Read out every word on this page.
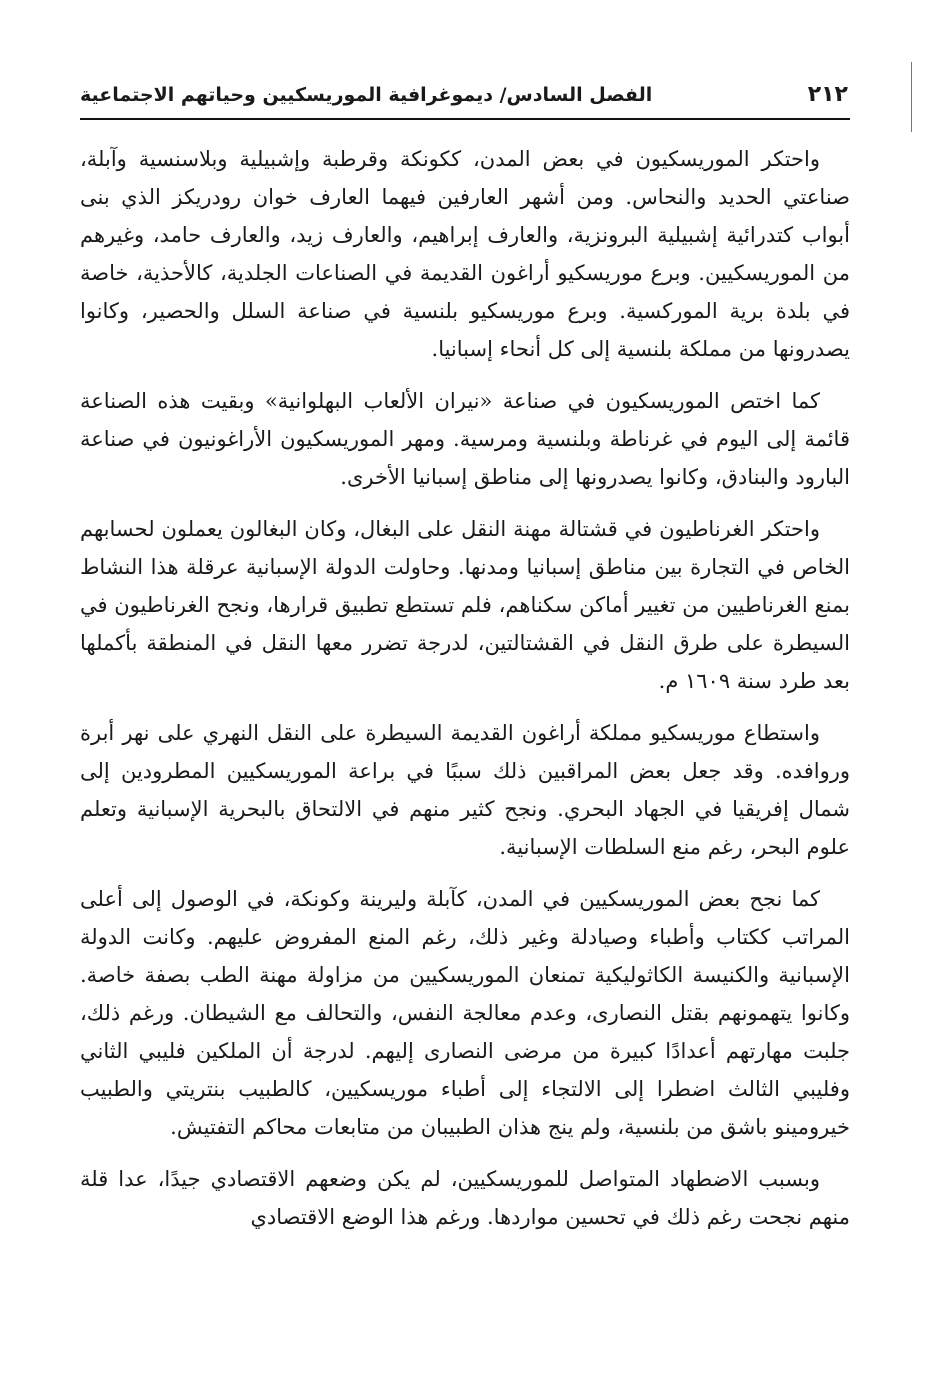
٢١٢
الفصل السادس/ ديموغرافية الموريسكيين وحياتهم الاجتماعية

واحتكر الموريسكيون في بعض المدن، ككونكة وقرطبة وإشبيلية وبلاسنسية وآبلة، صناعتي الحديد والنحاس. ومن أشهر العارفين فيهما العارف خوان رودريكز الذي بنى أبواب كتدرائية إشبيلية البرونزية، والعارف إبراهيم، والعارف زيد، والعارف حامد، وغيرهم من الموريسكيين. وبرع موريسكيو أراغون القديمة في الصناعات الجلدية، كالأحذية، خاصة في بلدة برية الموركسية. وبرع موريسكيو بلنسية في صناعة السلل والحصير، وكانوا يصدرونها من مملكة بلنسية إلى كل أنحاء إسبانيا.

كما اختص الموريسكيون في صناعة «نيران الألعاب البهلوانية» وبقيت هذه الصناعة قائمة إلى اليوم في غرناطة وبلنسية ومرسية. ومهر الموريسكيون الأراغونيون في صناعة البارود والبنادق، وكانوا يصدرونها إلى مناطق إسبانيا الأخرى.

واحتكر الغرناطيون في قشتالة مهنة النقل على البغال، وكان البغالون يعملون لحسابهم الخاص في التجارة بين مناطق إسبانيا ومدنها. وحاولت الدولة الإسبانية عرقلة هذا النشاط بمنع الغرناطيين من تغيير أماكن سكناهم، فلم تستطع تطبيق قرارها، ونجح الغرناطيون في السيطرة على طرق النقل في القشتالتين، لدرجة تضرر معها النقل في المنطقة بأكملها بعد طرد سنة ١٦٠٩ م.

واستطاع موريسكيو مملكة أراغون القديمة السيطرة على النقل النهري على نهر أبرة وروافده. وقد جعل بعض المراقبين ذلك سببًا في براعة الموريسكيين المطرودين إلى شمال إفريقيا في الجهاد البحري. ونجح كثير منهم في الالتحاق بالبحرية الإسبانية وتعلم علوم البحر، رغم منع السلطات الإسبانية.

كما نجح بعض الموريسكيين في المدن، كآبلة وليرينة وكونكة، في الوصول إلى أعلى المراتب ككتاب وأطباء وصيادلة وغير ذلك، رغم المنع المفروض عليهم. وكانت الدولة الإسبانية والكنيسة الكاثوليكية تمنعان الموريسكيين من مزاولة مهنة الطب بصفة خاصة. وكانوا يتهمونهم بقتل النصارى، وعدم معالجة النفس، والتحالف مع الشيطان. ورغم ذلك، جلبت مهارتهم أعدادًا كبيرة من مرضى النصارى إليهم. لدرجة أن الملكين فليبي الثاني وفليبي الثالث اضطرا إلى الالتجاء إلى أطباء موريسكيين، كالطبيب بنتريتي والطبيب خيرومينو باشق من بلنسية، ولم ينج هذان الطبيبان من متابعات محاكم التفتيش.

وبسبب الاضطهاد المتواصل للموريسكيين، لم يكن وضعهم الاقتصادي جيدًا، عدا قلة منهم نجحت رغم ذلك في تحسين مواردها. ورغم هذا الوضع الاقتصادي
